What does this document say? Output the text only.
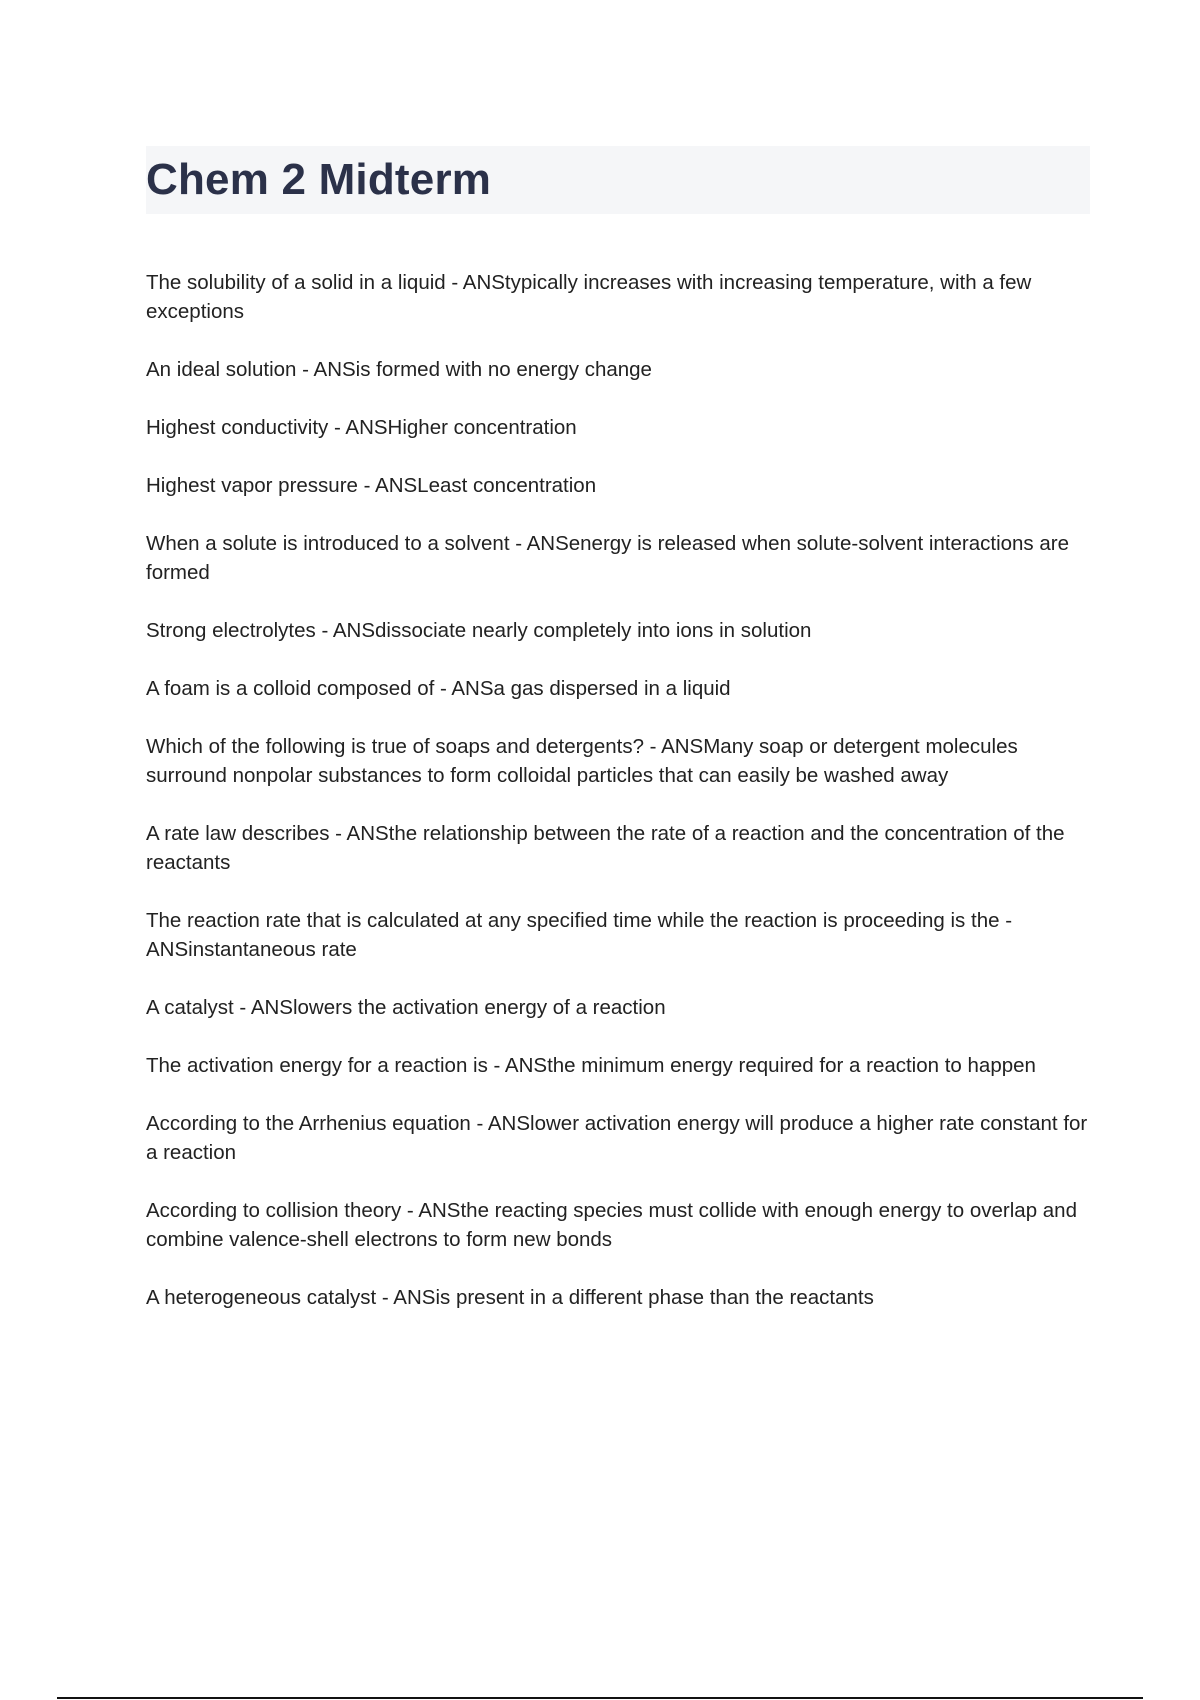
Chem 2 Midterm

The solubility of a solid in a liquid - ANStypically increases with increasing temperature, with a few exceptions

An ideal solution - ANSis formed with no energy change

Highest conductivity - ANSHigher concentration

Highest vapor pressure - ANSLeast concentration

When a solute is introduced to a solvent - ANSenergy is released when solute-solvent interactions are formed

Strong electrolytes - ANSdissociate nearly completely into ions in solution

A foam is a colloid composed of - ANSa gas dispersed in a liquid

Which of the following is true of soaps and detergents? - ANSMany soap or detergent molecules surround nonpolar substances to form colloidal particles that can easily be washed away

A rate law describes - ANSthe relationship between the rate of a reaction and the concentration of the reactants

The reaction rate that is calculated at any specified time while the reaction is proceeding is the - ANSinstantaneous rate

A catalyst - ANSlowers the activation energy of a reaction

The activation energy for a reaction is - ANSthe minimum energy required for a reaction to happen

According to the Arrhenius equation - ANSlower activation energy will produce a higher rate constant for a reaction

According to collision theory - ANSthe reacting species must collide with enough energy to overlap and combine valence-shell electrons to form new bonds

A heterogeneous catalyst - ANSis present in a different phase than the reactants
